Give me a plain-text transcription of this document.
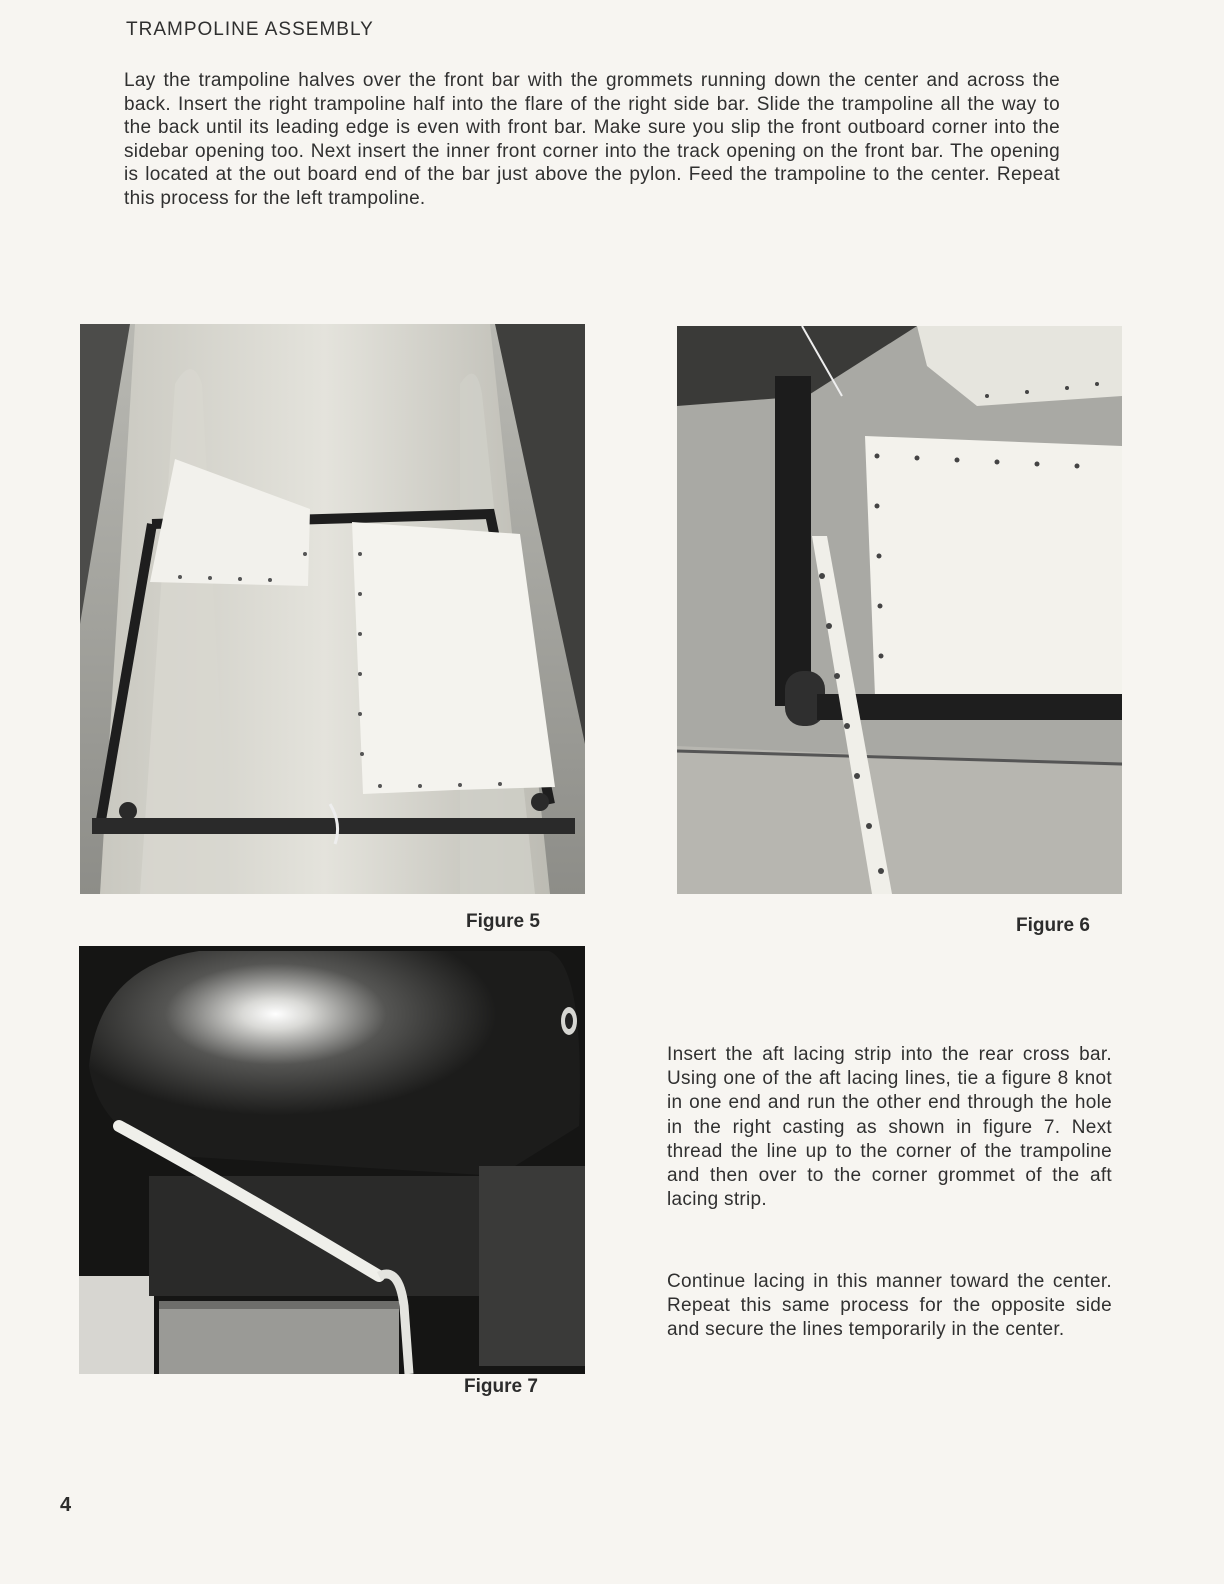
TRAMPOLINE ASSEMBLY

Lay the trampoline halves over the front bar with the grommets running down the center and across the back. Insert the right trampoline half into the flare of the right side bar. Slide the trampoline all the way to the back until its leading edge is even with front bar. Make sure you slip the front outboard corner into the sidebar opening too. Next insert the inner front corner into the track opening on the front bar. The opening is located at the out board end of the bar just above the pylon. Feed the trampoline to the center. Repeat this process for the left trampoline.

Figure 5	Figure 6
Figure 7

Insert the aft lacing strip into the rear cross bar. Using one of the aft lacing lines, tie a figure 8 knot in one end and run the other end through the hole in the right casting as shown in figure 7. Next thread the line up to the corner of the trampoline and then over to the corner grommet of the aft lacing strip.

Continue lacing in this manner toward the center. Repeat this same process for the opposite side and secure the lines temporarily in the center.

4
